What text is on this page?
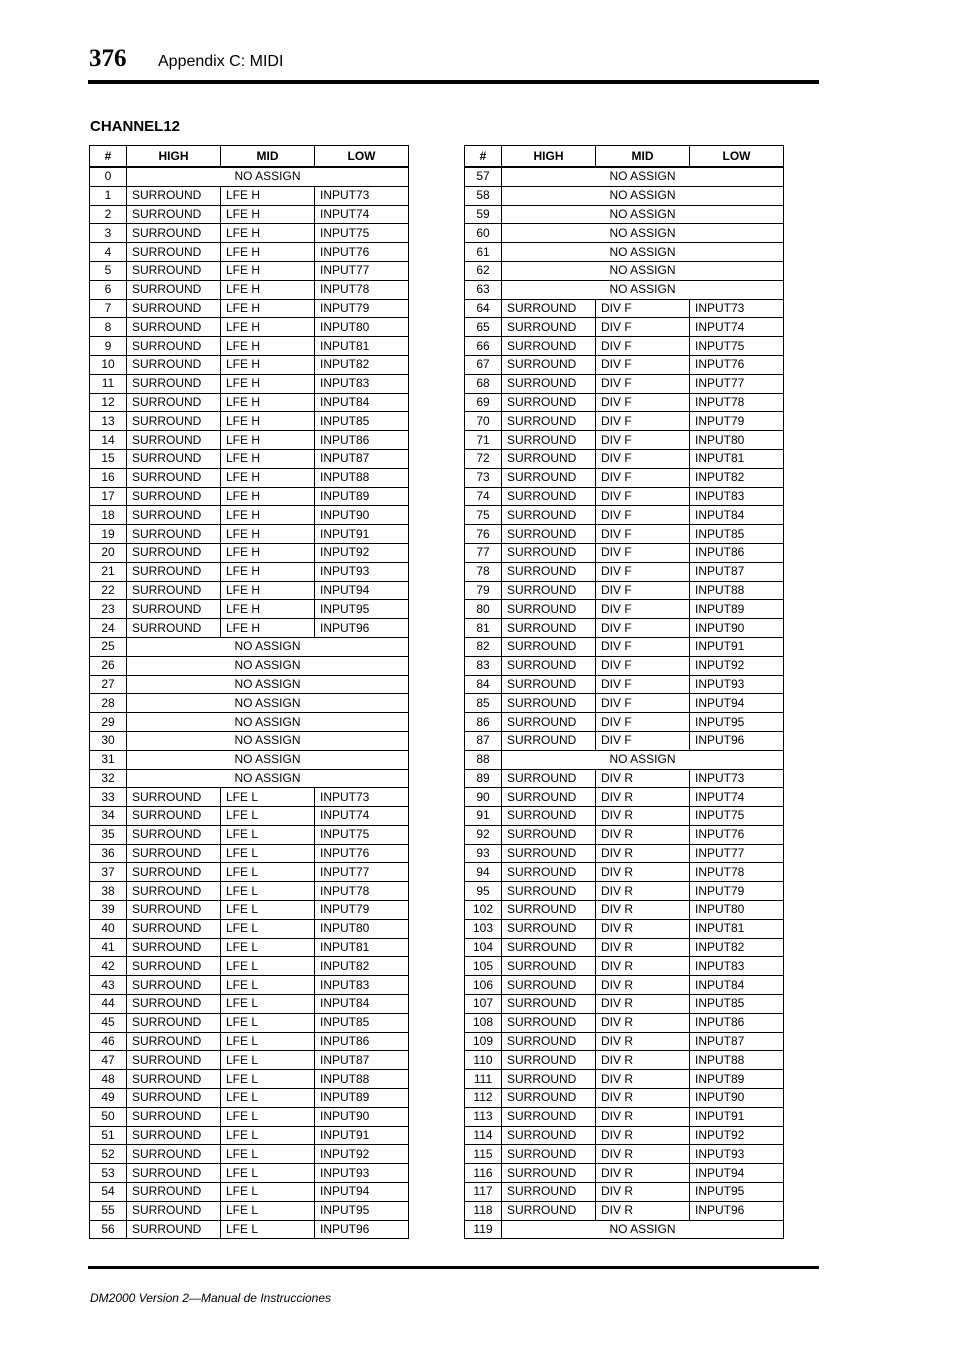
376 Appendix C: MIDI
CHANNEL12
#	HIGH	MID	LOW
0	NO ASSIGN		
1	SURROUND	LFE H	INPUT73
2	SURROUND	LFE H	INPUT74
3	SURROUND	LFE H	INPUT75
4	SURROUND	LFE H	INPUT76
5	SURROUND	LFE H	INPUT77
6	SURROUND	LFE H	INPUT78
7	SURROUND	LFE H	INPUT79
8	SURROUND	LFE H	INPUT80
9	SURROUND	LFE H	INPUT81
10	SURROUND	LFE H	INPUT82
11	SURROUND	LFE H	INPUT83
12	SURROUND	LFE H	INPUT84
13	SURROUND	LFE H	INPUT85
14	SURROUND	LFE H	INPUT86
15	SURROUND	LFE H	INPUT87
16	SURROUND	LFE H	INPUT88
17	SURROUND	LFE H	INPUT89
18	SURROUND	LFE H	INPUT90
19	SURROUND	LFE H	INPUT91
20	SURROUND	LFE H	INPUT92
21	SURROUND	LFE H	INPUT93
22	SURROUND	LFE H	INPUT94
23	SURROUND	LFE H	INPUT95
24	SURROUND	LFE H	INPUT96
25	NO ASSIGN		
26	NO ASSIGN		
27	NO ASSIGN		
28	NO ASSIGN		
29	NO ASSIGN		
30	NO ASSIGN		
31	NO ASSIGN		
32	NO ASSIGN		
33	SURROUND	LFE L	INPUT73
34	SURROUND	LFE L	INPUT74
35	SURROUND	LFE L	INPUT75
36	SURROUND	LFE L	INPUT76
37	SURROUND	LFE L	INPUT77
38	SURROUND	LFE L	INPUT78
39	SURROUND	LFE L	INPUT79
40	SURROUND	LFE L	INPUT80
41	SURROUND	LFE L	INPUT81
42	SURROUND	LFE L	INPUT82
43	SURROUND	LFE L	INPUT83
44	SURROUND	LFE L	INPUT84
45	SURROUND	LFE L	INPUT85
46	SURROUND	LFE L	INPUT86
47	SURROUND	LFE L	INPUT87
48	SURROUND	LFE L	INPUT88
49	SURROUND	LFE L	INPUT89
50	SURROUND	LFE L	INPUT90
51	SURROUND	LFE L	INPUT91
52	SURROUND	LFE L	INPUT92
53	SURROUND	LFE L	INPUT93
54	SURROUND	LFE L	INPUT94
55	SURROUND	LFE L	INPUT95
56	SURROUND	LFE L	INPUT96
#	HIGH	MID	LOW
57	NO ASSIGN		
58	NO ASSIGN		
59	NO ASSIGN		
60	NO ASSIGN		
61	NO ASSIGN		
62	NO ASSIGN		
63	NO ASSIGN		
64	SURROUND	DIV F	INPUT73
65	SURROUND	DIV F	INPUT74
66	SURROUND	DIV F	INPUT75
67	SURROUND	DIV F	INPUT76
68	SURROUND	DIV F	INPUT77
69	SURROUND	DIV F	INPUT78
70	SURROUND	DIV F	INPUT79
71	SURROUND	DIV F	INPUT80
72	SURROUND	DIV F	INPUT81
73	SURROUND	DIV F	INPUT82
74	SURROUND	DIV F	INPUT83
75	SURROUND	DIV F	INPUT84
76	SURROUND	DIV F	INPUT85
77	SURROUND	DIV F	INPUT86
78	SURROUND	DIV F	INPUT87
79	SURROUND	DIV F	INPUT88
80	SURROUND	DIV F	INPUT89
81	SURROUND	DIV F	INPUT90
82	SURROUND	DIV F	INPUT91
83	SURROUND	DIV F	INPUT92
84	SURROUND	DIV F	INPUT93
85	SURROUND	DIV F	INPUT94
86	SURROUND	DIV F	INPUT95
87	SURROUND	DIV F	INPUT96
88	NO ASSIGN		
89	SURROUND	DIV R	INPUT73
90	SURROUND	DIV R	INPUT74
91	SURROUND	DIV R	INPUT75
92	SURROUND	DIV R	INPUT76
93	SURROUND	DIV R	INPUT77
94	SURROUND	DIV R	INPUT78
95	SURROUND	DIV R	INPUT79
102	SURROUND	DIV R	INPUT80
103	SURROUND	DIV R	INPUT81
104	SURROUND	DIV R	INPUT82
105	SURROUND	DIV R	INPUT83
106	SURROUND	DIV R	INPUT84
107	SURROUND	DIV R	INPUT85
108	SURROUND	DIV R	INPUT86
109	SURROUND	DIV R	INPUT87
110	SURROUND	DIV R	INPUT88
111	SURROUND	DIV R	INPUT89
112	SURROUND	DIV R	INPUT90
113	SURROUND	DIV R	INPUT91
114	SURROUND	DIV R	INPUT92
115	SURROUND	DIV R	INPUT93
116	SURROUND	DIV R	INPUT94
117	SURROUND	DIV R	INPUT95
118	SURROUND	DIV R	INPUT96
119	NO ASSIGN		
DM2000 Version 2—Manual de Instrucciones
